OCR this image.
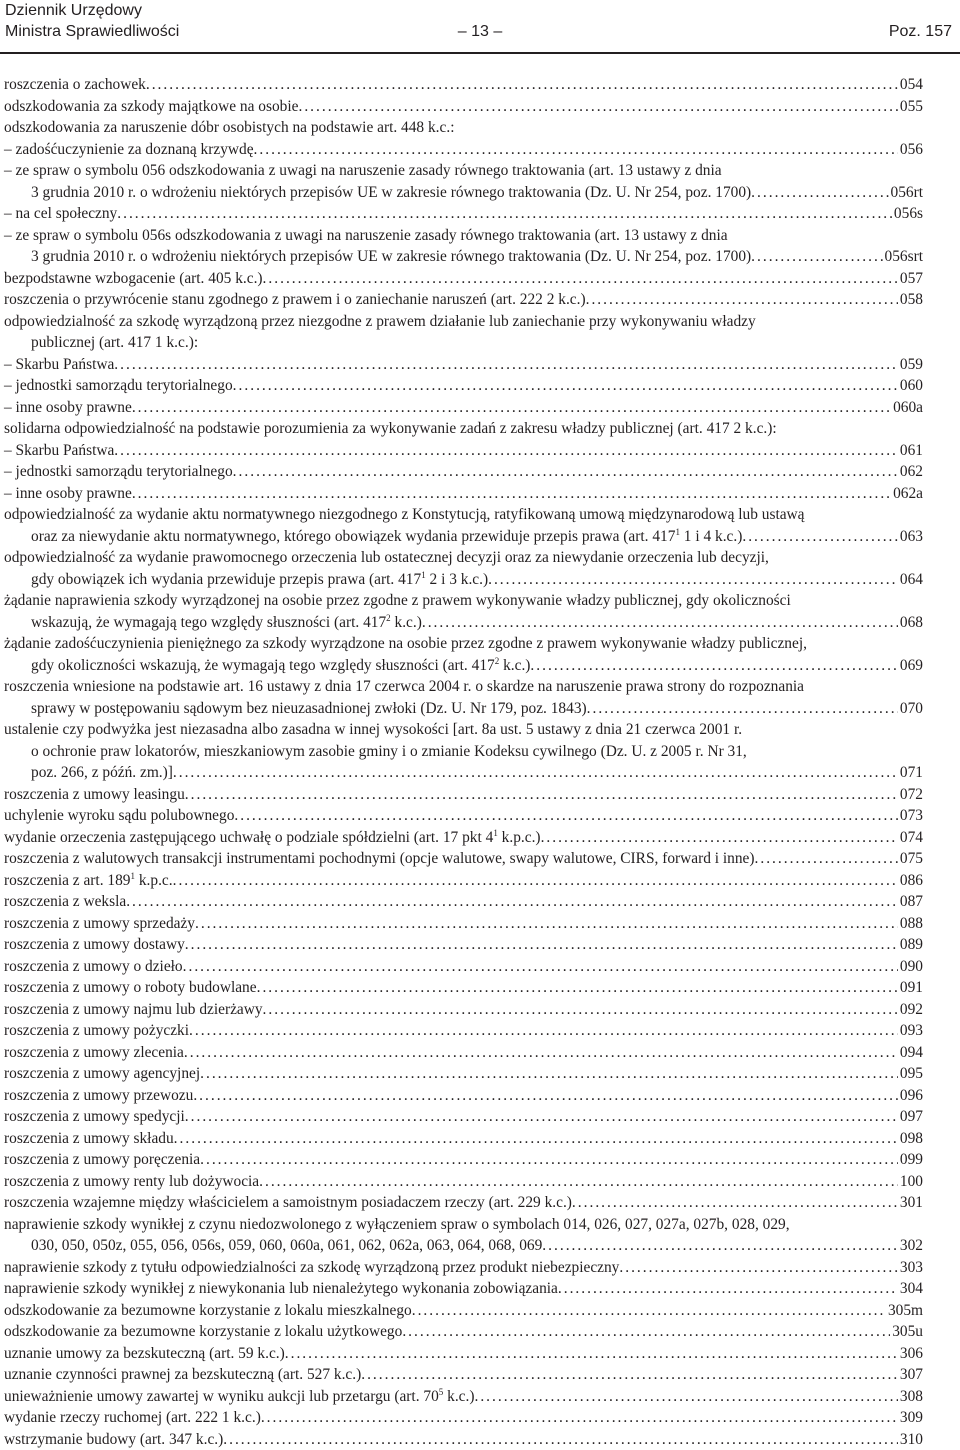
Dziennik Urzędowy
Ministra Sprawiedliwości	– 13 –	Poz. 157
roszczenia o zachowek .....	054
odszkodowania za szkody majątkowe na osobie .....	055
odszkodowania za naruszenie dóbr osobistych na podstawie art. 448 k.c.:
– zadośćuczynienie za doznaną krzywdę .....	056
– ze spraw o symbolu 056 odszkodowania z uwagi na naruszenie zasady równego traktowania (art. 13 ustawy z dnia
3 grudnia 2010 r. o wdrożeniu niektórych przepisów UE w zakresie równego traktowania (Dz. U. Nr 254, poz. 1700) .....	056rt
– na cel społeczny .....	056s
– ze spraw o symbolu 056s odszkodowania z uwagi na naruszenie zasady równego traktowania (art. 13 ustawy z dnia
3 grudnia 2010 r. o wdrożeniu niektórych przepisów UE w zakresie równego traktowania (Dz. U. Nr 254, poz. 1700) .....	056srt
bezpodstawne wzbogacenie (art. 405 k.c.) .....	057
roszczenia o przywrócenie stanu zgodnego z prawem i o zaniechanie naruszeń (art. 222 2 k.c.) .....	058
odpowiedzialność za szkodę wyrządzoną przez niezgodne z prawem działanie lub zaniechanie przy wykonywaniu władzy
publicznej (art. 417 1 k.c.):
– Skarbu Państwa .....	059
– jednostki samorządu terytorialnego .....	060
– inne osoby prawne .....	060a
solidarna odpowiedzialność na podstawie porozumienia za wykonywanie zadań z zakresu władzy publicznej (art. 417 2 k.c.):
– Skarbu Państwa .....	061
– jednostki samorządu terytorialnego .....	062
– inne osoby prawne .....	062a
odpowiedzialność za wydanie aktu normatywnego niezgodnego z Konstytucją, ratyfikowaną umową międzynarodową lub ustawą
oraz za niewydanie aktu normatywnego, którego obowiązek wydania przewiduje przepis prawa (art. $417^1$ 1 i 4 k.c.) .....	063
odpowiedzialność za wydanie prawomocnego orzeczenia lub ostatecznej decyzji oraz za niewydanie orzeczenia lub decyzji,
gdy obowiązek ich wydania przewiduje przepis prawa (art. $417^1$ 2 i 3 k.c.) .....	064
żądanie naprawienia szkody wyrządzonej na osobie przez zgodne z prawem wykonywanie władzy publicznej, gdy okoliczności
wskazują, że wymagają tego względy słuszności (art. $417^2$ k.c.) .....	068
żądanie zadośćuczynienia pieniężnego za szkody wyrządzone na osobie przez zgodne z prawem wykonywanie władzy publicznej,
gdy okoliczności wskazują, że wymagają tego względy słuszności (art. $417^2$ k.c.) .....	069
roszczenia wniesione na podstawie art. 16 ustawy z dnia 17 czerwca 2004 r. o skardze na naruszenie prawa strony do rozpoznania
sprawy w postępowaniu sądowym bez nieuzasadnionej zwłoki (Dz. U. Nr 179, poz. 1843) .....	070
ustalenie czy podwyżka jest niezasadna albo zasadna w innej wysokości [art. 8a ust. 5 ustawy z dnia 21 czerwca 2001 r.
o ochronie praw lokatorów, mieszkaniowym zasobie gminy i o zmianie Kodeksu cywilnego (Dz. U. z 2005 r. Nr 31,
poz. 266, z późń. zm.)] .....	071
roszczenia z umowy leasingu .....	072
uchylenie wyroku sądu polubownego .....	073
wydanie orzeczenia zastępującego uchwałę o podziale spółdzielni (art. 17 pkt $4^1$ k.p.c.) .....	074
roszczenia z walutowych transakcji instrumentami pochodnymi (opcje walutowe, swapy walutowe, CIRS, forward i inne) .....	075
roszczenia z art. $189^1$ k.p.c. .....	086
roszczenia z weksla .....	087
roszczenia z umowy sprzedaży .....	088
roszczenia z umowy dostawy .....	089
roszczenia z umowy o dzieło .....	090
roszczenia z umowy o roboty budowlane .....	091
roszczenia z umowy najmu lub dzierżawy .....	092
roszczenia z umowy pożyczki .....	093
roszczenia z umowy zlecenia .....	094
roszczenia z umowy agencyjnej .....	095
roszczenia z umowy przewozu .....	096
roszczenia z umowy spedycji .....	097
roszczenia z umowy składu .....	098
roszczenia z umowy poręczenia .....	099
roszczenia z umowy renty lub dożywocia .....	100
roszczenia wzajemne między właścicielem a samoistnym posiadaczem rzeczy (art. 229 k.c.) .....	301
naprawienie szkody wynikłej z czynu niedozwolonego z wyłączeniem spraw o symbolach 014, 026, 027, 027a, 027b, 028, 029,
030, 050, 050z, 055, 056, 056s, 059, 060, 060a, 061, 062, 062a, 063, 064, 068, 069 .....	302
naprawienie szkody z tytułu odpowiedzialności za szkodę wyrządzoną przez produkt niebezpieczny .....	303
naprawienie szkody wynikłej z niewykonania lub nienależytego wykonania zobowiązania .....	304
odszkodowanie za bezumowne korzystanie z lokalu mieszkalnego .....	305m
odszkodowanie za bezumowne korzystanie z lokalu użytkowego .....	305u
uznanie umowy za bezskuteczną (art. 59 k.c.) .....	306
uznanie czynności prawnej za bezskuteczną (art. 527 k.c.) .....	307
unieważnienie umowy zawartej w wyniku aukcji lub przetargu (art. $70^5$ k.c.) .....	308
wydanie rzeczy ruchomej (art. 222 1 k.c.) .....	309
wstrzymanie budowy (art. 347 k.c.) .....	310
